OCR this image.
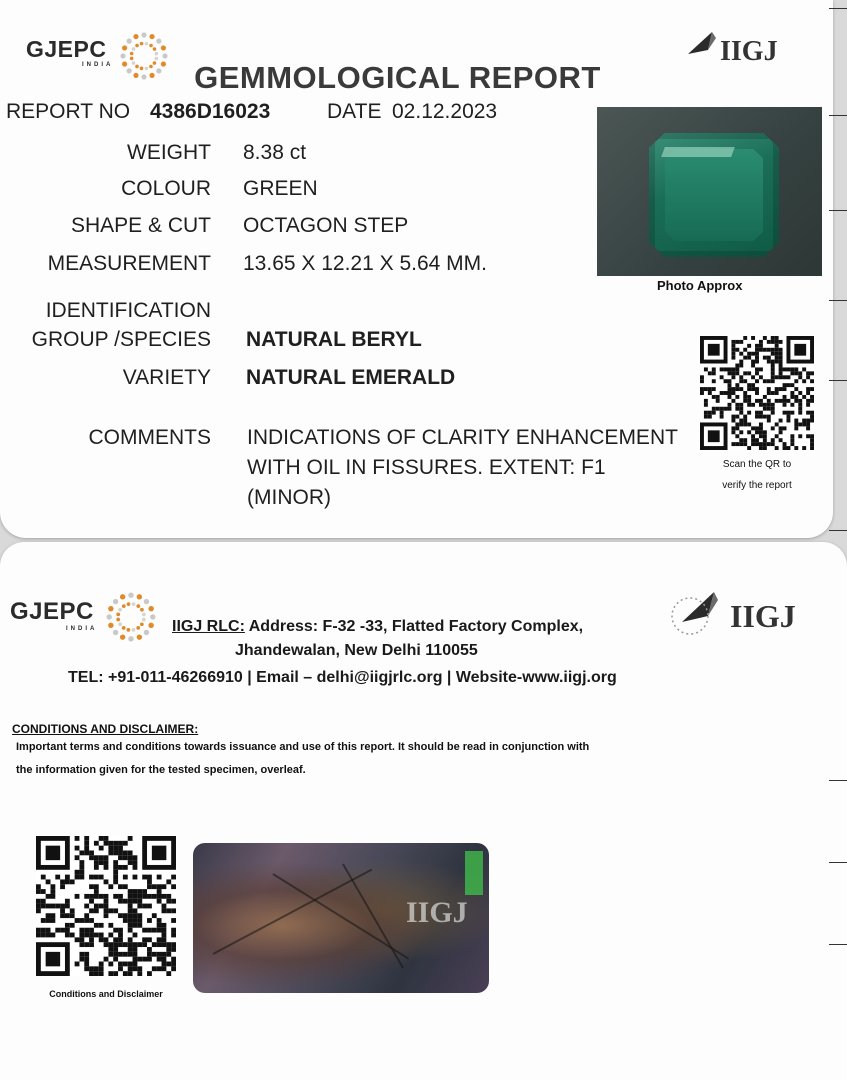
GJEPC
INDIA	IIGJ
GEMMOLOGICAL REPORT
REPORT NO 4386D16023	DATE 02.12.2023
WEIGHT 8.38 ct
COLOUR GREEN
SHAPE & CUT OCTAGON STEP
MEASUREMENT 13.65 X 12.21 X 5.64 MM.
IDENTIFICATION
GROUP /SPECIES NATURAL BERYL
VARIETY NATURAL EMERALD
COMMENTS INDICATIONS OF CLARITY ENHANCEMENT
WITH OIL IN FISSURES. EXTENT: F1
(MINOR)
Photo Approx
Scan the QR to
verify the report
GJEPC
INDIA	IIGJ
IIGJ RLC: Address: F-32 -33, Flatted Factory Complex,
Jhandewalan, New Delhi 110055
TEL: +91-011-46266910 | Email – delhi@iigjrlc.org | Website-www.iigj.org
CONDITIONS AND DISCLAIMER:
Important terms and conditions towards issuance and use of this report. It should be read in conjunction with
the information given for the tested specimen, overleaf.
Conditions and Disclaimer
IIGJ
